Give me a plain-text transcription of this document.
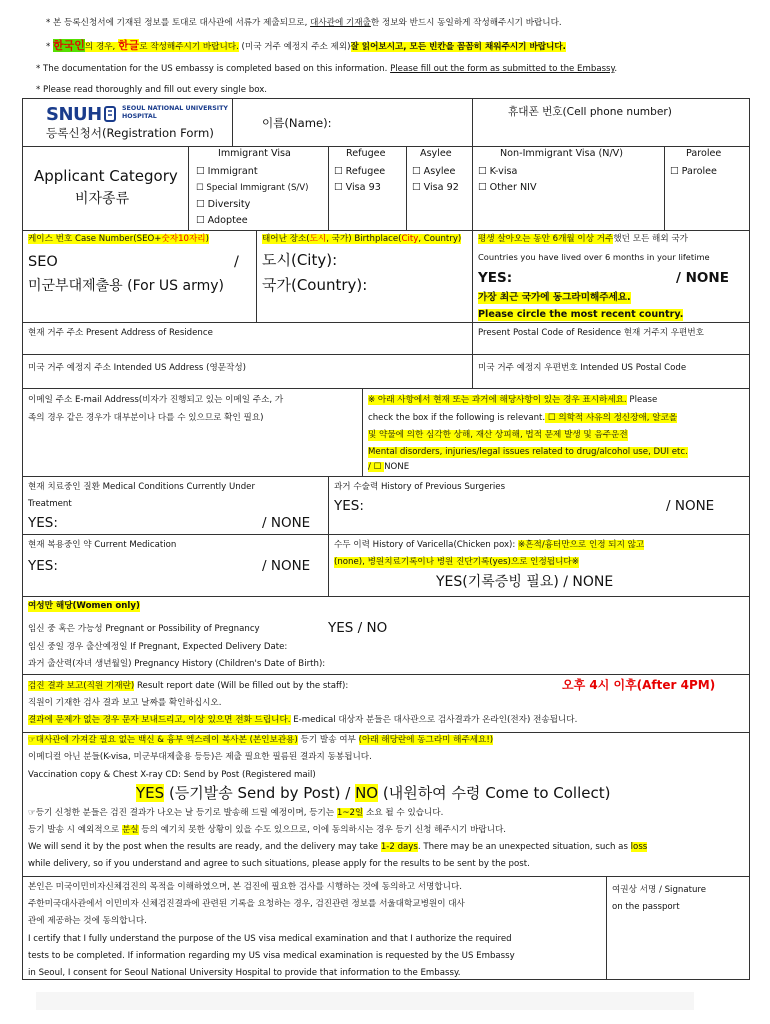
* 본 등록신청서에 기재된 정보를 토대로 대사관에 서류가 제출되므로, 대사관에 기재출한 정보와 반드시 동일하게 작성해주시기 바랍니다.
* 한국인의 경우, 한글로 작성해주시기 바랍니다. (미국 거주 예정지 주소 제외)잘 읽어보시고, 모든 빈칸을 꼼꼼히 채워주시기 바랍니다.
* The documentation for the US embassy is completed based on this information. Please fill out the form as submitted to the Embassy.
* Please read thoroughly and fill out every single box.
SNUH	SEOUL NATIONAL UNIVERSITY
HOSPITAL
등록신청서(Registration Form)
이름(Name):
휴대폰 번호(Cell phone number)
Applicant Category
비자종류
Immigrant Visa
☐ Immigrant
☐ Special Immigrant (S/V)
☐ Diversity
☐ Adoptee
Refugee
☐ Refugee
☐ Visa 93
Asylee
☐ Asylee
☐ Visa 92
Non-Immigrant Visa (N/V)
☐ K-visa
☐ Other NIV
Parolee
☐ Parolee
케이스 번호 Case Number(SEO+숫자10자리)
SEO	/
미군부대제출용 (For US army)
태어난 장소(도시, 국가) Birthplace(City, Country)
도시(City):
국가(Country):
평생 살아오는 동안 6개월 이상 거주했던 모든 해외 국가
Countries you have lived over 6 months in your lifetime
YES:	/ NONE
가장 최근 국가에 동그라미해주세요.
Please circle the most recent country.
현재 거주 주소 Present Address of Residence	Present Postal Code of Residence 현재 거주지 우편번호
미국 거주 예정지 주소 Intended US Address (영문작성)	미국 거주 예정지 우편번호 Intended US Postal Code
이메일 주소 E-mail Address(비자가 진행되고 있는 이메일 주소, 가
족의 경우 같은 경우가 대부분이나 다를 수 있으므로 확인 필요)
※ 아래 사항에서 현재 또는 과거에 해당사항이 있는 경우 표시하세요. Please
check the box if the following is relevant. ☐ 의학적 사유의 정신장애, 알코올
및 약물에 의한 심각한 상해, 재산 상피해, 법적 문제 발생 및 음주운전
Mental disorders, injuries/legal issues related to drug/alcohol use, DUI etc.
/ ☐ NONE
현재 치료중인 질환 Medical Conditions Currently Under
Treatment
YES:	/ NONE
과거 수술력 History of Previous Surgeries
YES:	/ NONE
현재 복용중인 약 Current Medication
YES:	/ NONE
수두 이력 History of Varicella(Chicken pox): ※흔적/흉터만으로 인정 되지 않고
(none), 병원치료기록이나 병원 진단기록(yes)으로 인정됩니다※
YES(기록증빙 필요) / NONE
여성만 해당(Women only)
임신 중 혹은 가능성 Pregnant or Possibility of Pregnancy	YES / NO
임신 중일 경우 출산예정일 If Pregnant, Expected Delivery Date:
과거 출산력(자녀 생년월일) Pregnancy History (Children's Date of Birth):
검진 결과 보고(직원 기재란) Result report date (Will be filled out by the staff):	오후 4시 이후(After 4PM)
직원이 기재한 검사 결과 보고 날짜를 확인하십시오.
결과에 문제가 없는 경우 문자 보내드리고, 이상 있으면 전화 드립니다. E-medical 대상자 분들은 대사관으로 검사결과가 온라인(전자) 전송됩니다.
☞대사관에 가져갈 필요 없는 백신 & 흉부 엑스레이 복사본 (본인보관용) 등기 발송 여부 (아래 해당란에 동그라미 해주세요!)
이메디컬 아닌 분들(K-visa, 미군부대제출용 등등)은 제출 필요한 필름된 결과지 동봉됩니다.
Vaccination copy & Chest X-ray CD: Send by Post (Registered mail)
YES (등기발송 Send by Post) / NO (내원하여 수령 Come to Collect)
☞등기 신청한 분들은 검진 결과가 나오는 날 등기로 발송해 드릴 예정이며, 등기는 1~2일 소요 될 수 있습니다.
등기 발송 시 예외적으로 분실 등의 예기치 못한 상황이 있을 수도 있으므로, 이에 동의하시는 경우 등기 신청 해주시기 바랍니다.
We will send it by the post when the results are ready, and the delivery may take 1-2 days. There may be an unexpected situation, such as loss
while delivery, so if you understand and agree to such situations, please apply for the results to be sent by the post.
본인은 미국이민비자신체검진의 목적을 이해하였으며, 본 검진에 필요한 검사를 시행하는 것에 동의하고 서명합니다.
주한미국대사관에서 이민비자 신체검진결과에 관련된 기록을 요청하는 경우, 검진관련 정보를 서울대학교병원이 대사
관에 제공하는 것에 동의합니다.
I certify that I fully understand the purpose of the US visa medical examination and that I authorize the required
tests to be completed. If information regarding my US visa medical examination is requested by the US Embassy
in Seoul, I consent for Seoul National University Hospital to provide that information to the Embassy.
여권상 서명 / Signature
on the passport
